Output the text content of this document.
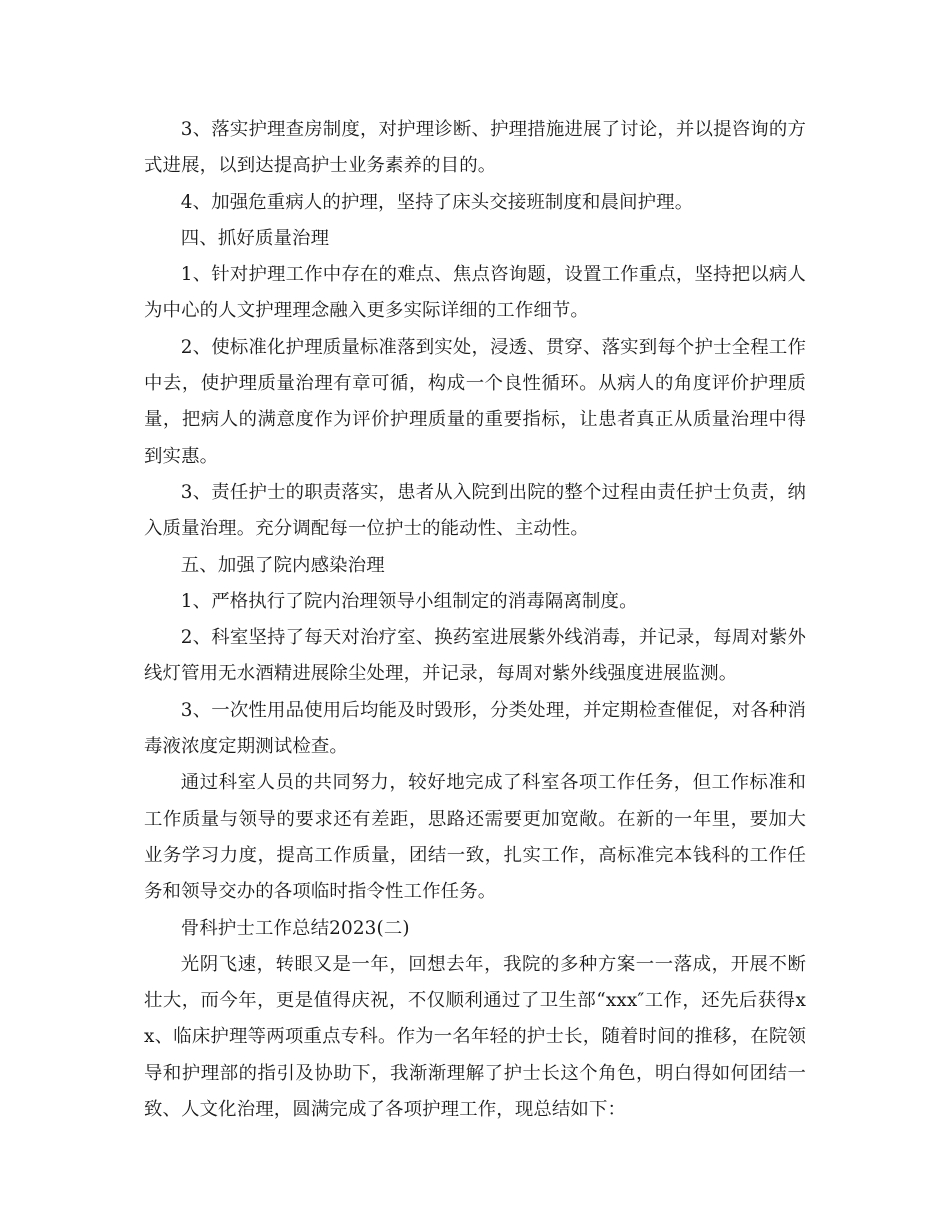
3、落实护理查房制度，对护理诊断、护理措施进展了讨论，并以提咨询的方式进展，以到达提高护士业务素养的目的。

4、加强危重病人的护理，坚持了床头交接班制度和晨间护理。

四、抓好质量治理

1、针对护理工作中存在的难点、焦点咨询题，设置工作重点，坚持把以病人为中心的人文护理理念融入更多实际详细的工作细节。

2、使标准化护理质量标准落到实处，浸透、贯穿、落实到每个护士全程工作中去，使护理质量治理有章可循，构成一个良性循环。从病人的角度评价护理质量，把病人的满意度作为评价护理质量的重要指标，让患者真正从质量治理中得到实惠。

3、责任护士的职责落实，患者从入院到出院的整个过程由责任护士负责，纳入质量治理。充分调配每一位护士的能动性、主动性。

五、加强了院内感染治理

1、严格执行了院内治理领导小组制定的消毒隔离制度。

2、科室坚持了每天对治疗室、换药室进展紫外线消毒，并记录，每周对紫外线灯管用无水酒精进展除尘处理，并记录，每周对紫外线强度进展监测。

3、一次性用品使用后均能及时毁形，分类处理，并定期检查催促，对各种消毒液浓度定期测试检查。

通过科室人员的共同努力，较好地完成了科室各项工作任务，但工作标准和工作质量与领导的要求还有差距，思路还需要更加宽敞。在新的一年里，要加大业务学习力度，提高工作质量，团结一致，扎实工作，高标准完本钱科的工作任务和领导交办的各项临时指令性工作任务。

骨科护士工作总结2023(二)

光阴飞速，转眼又是一年，回想去年，我院的多种方案一一落成，开展不断壮大，而今年，更是值得庆祝，不仅顺利通过了卫生部“xxx″工作，还先后获得xx、临床护理等两项重点专科。作为一名年轻的护士长，随着时间的推移，在院领导和护理部的指引及协助下，我渐渐理解了护士长这个角色，明白得如何团结一致、人文化治理，圆满完成了各项护理工作，现总结如下：
